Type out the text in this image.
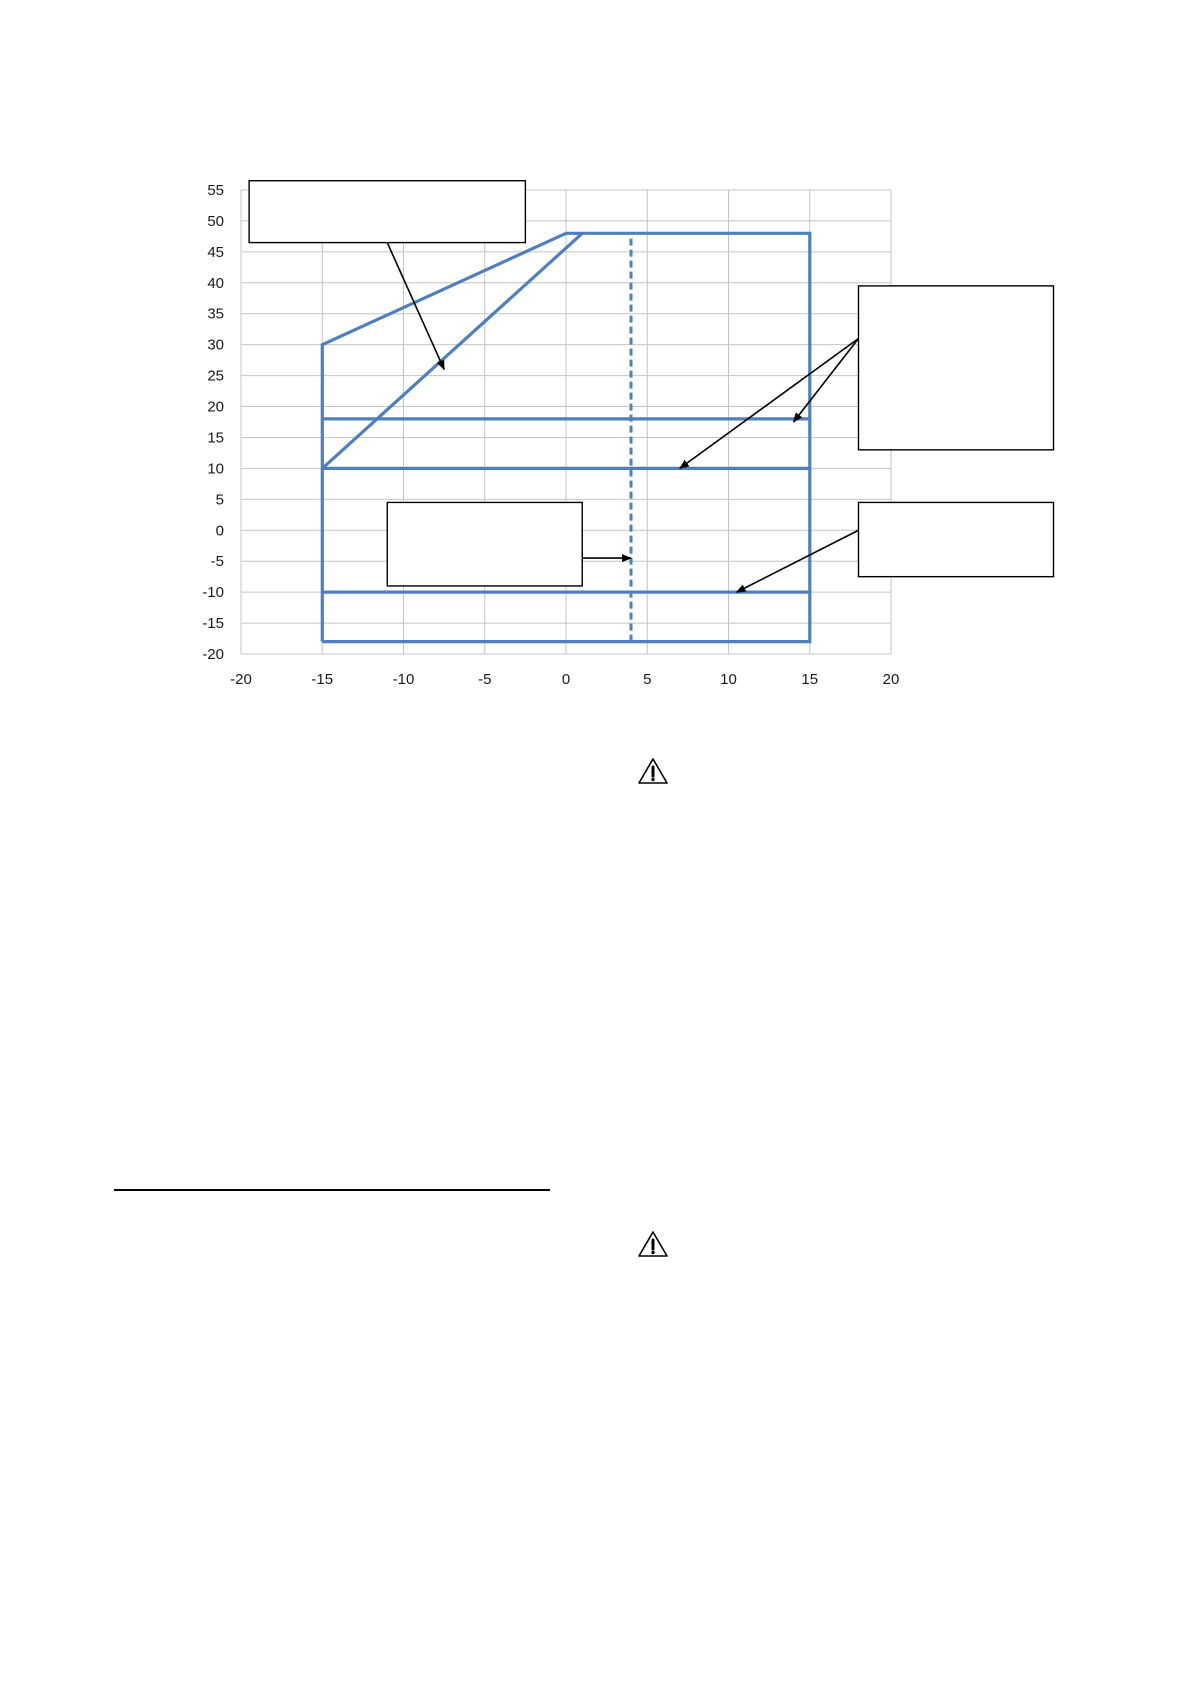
-20	-15	-10	-5	0	5	10	15	20
-20
-15
-10
-5
0
5
10
15
20
25
30
35
40
45
50
55
